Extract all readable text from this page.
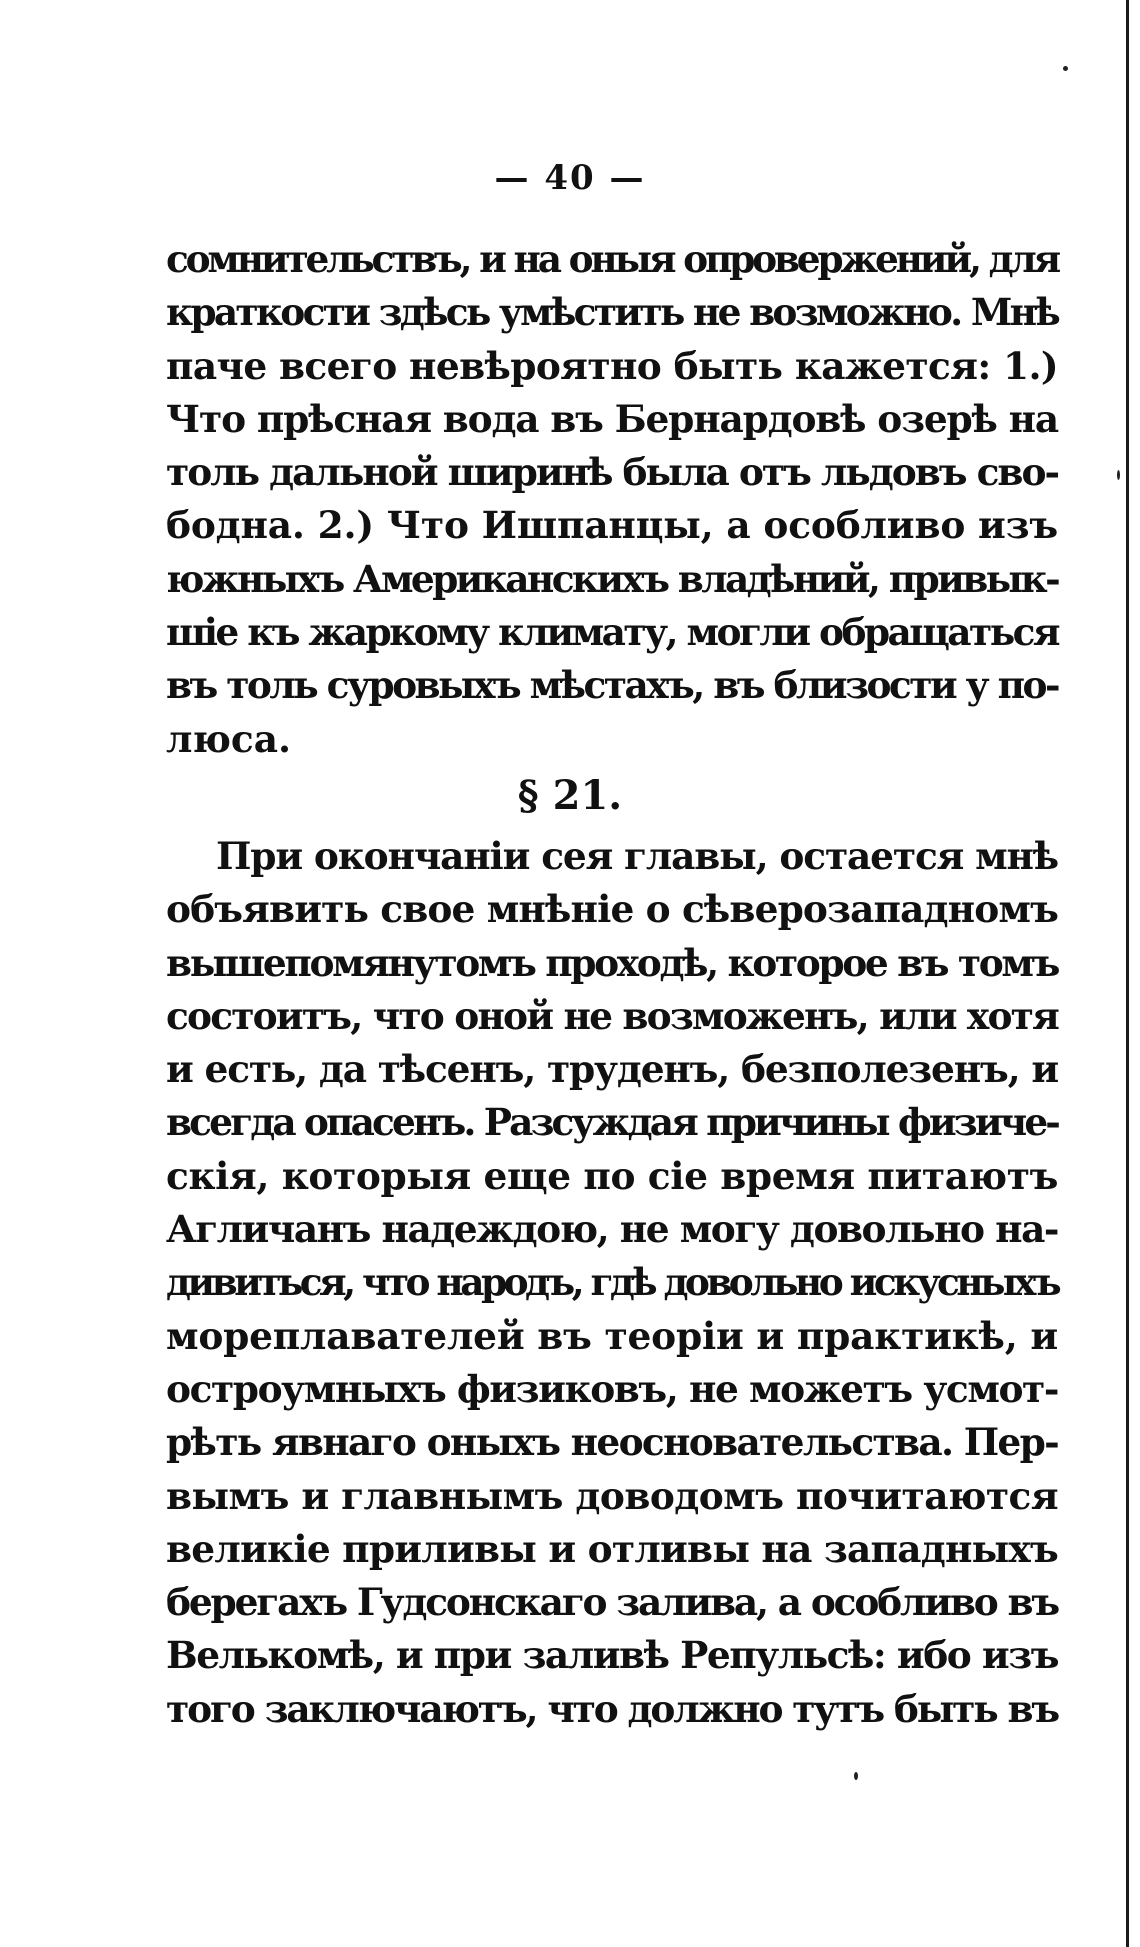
— 40 —
сомнительствъ, и на оныя опровержений, для
краткости здѣсь умѣстить не возможно. Мнѣ
паче всего невѣроятно быть кажется: 1.)
Что прѣсная вода въ Бернардовѣ озерѣ на
толь дальной ширинѣ была отъ льдовъ сво-
бодна. 2.) Что Ишпанцы, а особливо изъ
южныхъ Американскихъ владѣний, привык-
шіе къ жаркому климату, могли обращаться
въ толь суровыхъ мѣстахъ, въ близости у по-
люса.
§ 21.
При окончаніи сея главы, остается мнѣ
объявить свое мнѣніе о сѣверозападномъ
вышепомянутомъ проходѣ, которое въ томъ
состоитъ, что оной не возможенъ, или хотя
и есть, да тѣсенъ, труденъ, безполезенъ, и
всегда опасенъ. Разсуждая причины физиче-
скія, которыя еще по сіе время питаютъ
Агличанъ надеждою, не могу довольно на-
дивиться, что народъ, гдѣ довольно искусныхъ
мореплавателей въ теоріи и практикѣ, и
остроумныхъ физиковъ, не можетъ усмот-
рѣть явнаго оныхъ неосновательства. Пер-
вымъ и главнымъ доводомъ почитаются
великіе приливы и отливы на западныхъ
берегахъ Гудсонскаго залива, а особливо въ
Велькомѣ, и при заливѣ Репульсѣ: ибо изъ
того заключаютъ, что должно тутъ быть въ
